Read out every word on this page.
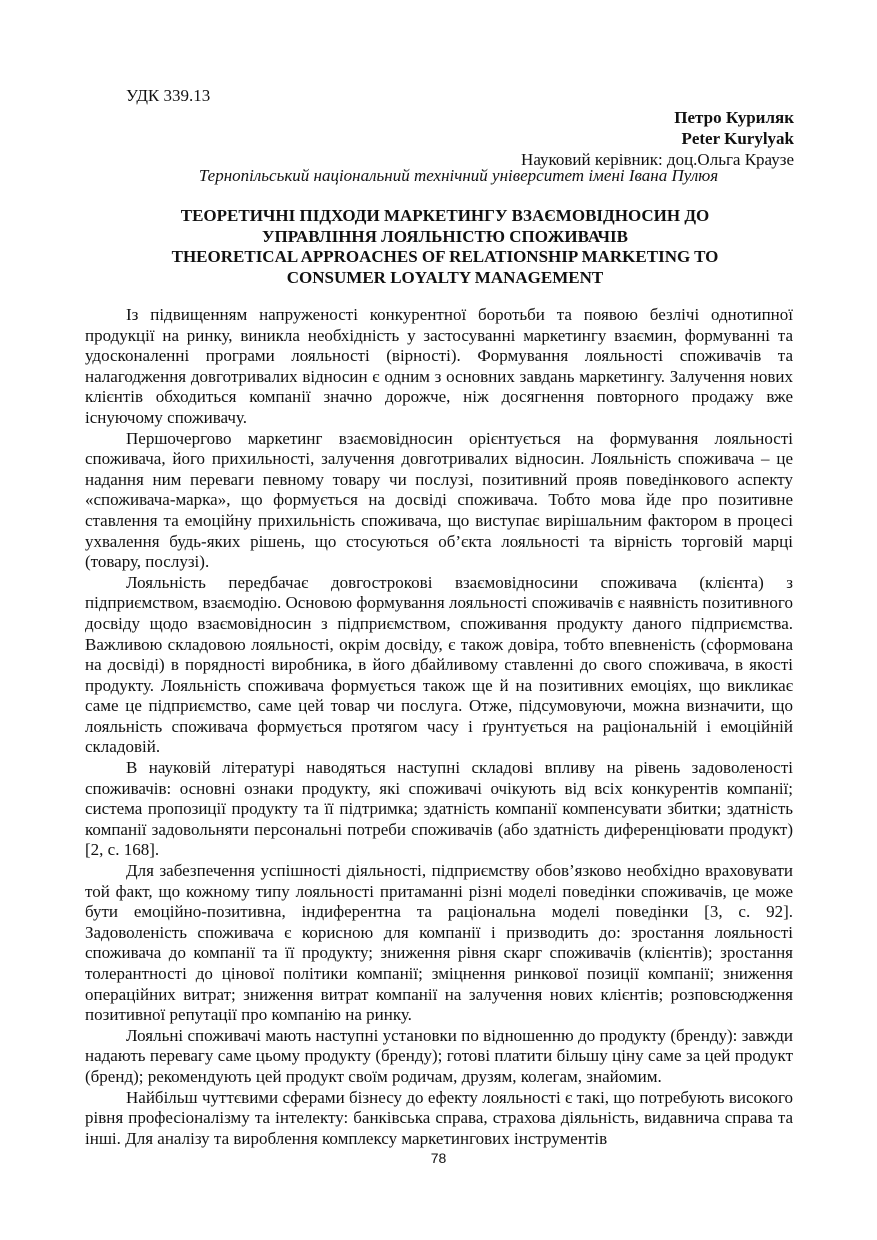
УДК 339.13
Петро Куриляк
Peter Kurylyak
Науковий керівник: доц.Ольга Краузе
Тернопільський національний технічний університет імені Івана Пулюя
ТЕОРЕТИЧНІ ПІДХОДИ МАРКЕТИНГУ ВЗАЄМОВІДНОСИН ДО
УПРАВЛІННЯ ЛОЯЛЬНІСТЮ СПОЖИВАЧІВ
THEORETICAL APPROACHES OF RELATIONSHIP MARKETING TO
CONSUMER LOYALTY MANAGEMENT

Із підвищенням напруженості конкурентної боротьби та появою безлічі однотипної продукції на ринку, виникла необхідність у застосуванні маркетингу взаємин, формуванні та удосконаленні програми лояльності (вірності). Формування лояльності споживачів та налагодження довготривалих відносин є одним з основних завдань маркетингу. Залучення нових клієнтів обходиться компанії значно дорожче, ніж досягнення повторного продажу вже існуючому споживачу.

Першочергово маркетинг взаємовідносин орієнтується на формування лояльності споживача, його прихильності, залучення довготривалих відносин. Лояльність споживача – це надання ним переваги певному товару чи послузі, позитивний прояв поведінкового аспекту «споживача-марка», що формується на досвіді споживача. Тобто мова йде про позитивне ставлення та емоційну прихильність споживача, що виступає вирішальним фактором в процесі ухвалення будь-яких рішень, що стосуються об’єкта лояльності та вірність торговій марці (товару, послузі).

Лояльність передбачає довгострокові взаємовідносини споживача (клієнта) з підприємством, взаємодію. Основою формування лояльності споживачів є наявність позитивного досвіду щодо взаємовідносин з підприємством, споживання продукту даного підприємства. Важливою складовою лояльності, окрім досвіду, є також довіра, тобто впевненість (сформована на досвіді) в порядності виробника, в його дбайливому ставленні до свого споживача, в якості продукту. Лояльність споживача формується також ще й на позитивних емоціях, що викликає саме це підприємство, саме цей товар чи послуга. Отже, підсумовуючи, можна визначити, що лояльність споживача формується протягом часу і ґрунтується на раціональній і емоційній складовій.

В науковій літературі наводяться наступні складові впливу на рівень задоволеності споживачів: основні ознаки продукту, які споживачі очікують від всіх конкурентів компанії; система пропозиції продукту та її підтримка; здатність компанії компенсувати збитки; здатність компанії задовольняти персональні потреби споживачів (або здатність диференціювати продукт) [2, с. 168].

Для забезпечення успішності діяльності, підприємству обов’язково необхідно враховувати той факт, що кожному типу лояльності притаманні різні моделі поведінки споживачів, це може бути емоційно-позитивна, індиферентна та раціональна моделі поведінки [3, с. 92]. Задоволеність споживача є корисною для компанії і призводить до: зростання лояльності споживача до компанії та її продукту; зниження рівня скарг споживачів (клієнтів); зростання толерантності до цінової політики компанії; зміцнення ринкової позиції компанії; зниження операційних витрат; зниження витрат компанії на залучення нових клієнтів; розповсюдження позитивної репутації про компанію на ринку.

Лояльні споживачі мають наступні установки по відношенню до продукту (бренду): завжди надають перевагу саме цьому продукту (бренду); готові платити більшу ціну саме за цей продукт (бренд); рекомендують цей продукт своїм родичам, друзям, колегам, знайомим.

Найбільш чуттєвими сферами бізнесу до ефекту лояльності є такі, що потребують високого рівня професіоналізму та інтелекту: банківська справа, страхова діяльність, видавнича справа та інші. Для аналізу та вироблення комплексу маркетингових інструментів

78
